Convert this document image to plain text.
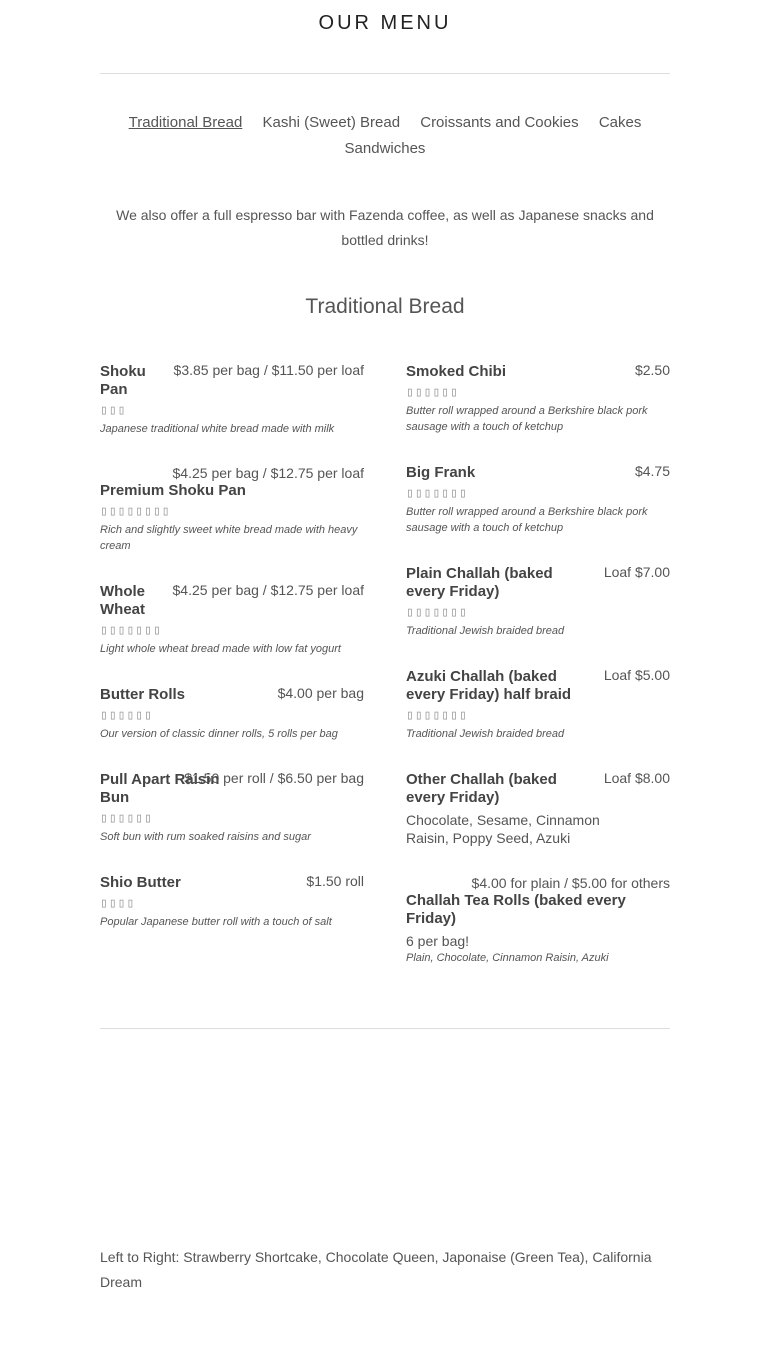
OUR MENU
Traditional Bread Kashi (Sweet) Bread Croissants and Cookies Cakes
Sandwiches

We also offer a full espresso bar with Fazenda coffee, as well as Japanese snacks and bottled drinks!

Traditional Bread
Shoku Pan
$3.85 per bag / $11.50 per loaf
▯▯▯
Japanese traditional white bread made with milk
$4.25 per bag / $12.75 per loaf
Premium Shoku Pan
▯▯▯▯▯▯▯▯
Rich and slightly sweet white bread made with heavy cream
Whole Wheat
$4.25 per bag / $12.75 per loaf
▯▯▯▯▯▯▯
Light whole wheat bread made with low fat yogurt
Butter Rolls	$4.00 per bag
▯▯▯▯▯▯
Our version of classic dinner rolls, 5 rolls per bag
Pull Apart Raisin Bun
$1.50 per roll / $6.50 per bag
▯▯▯▯▯▯
Soft bun with rum soaked raisins and sugar
Shio Butter	$1.50 roll
▯▯▯▯
Popular Japanese butter roll with a touch of salt
Smoked Chibi	$2.50
▯▯▯▯▯▯
Butter roll wrapped around a Berkshire black pork sausage with a touch of ketchup
Big Frank	$4.75
▯▯▯▯▯▯▯
Butter roll wrapped around a Berkshire black pork sausage with a touch of ketchup
Plain Challah (baked every Friday)
Loaf $7.00
▯▯▯▯▯▯▯
Traditional Jewish braided bread
Azuki Challah (baked every Friday) half braid
Loaf $5.00
▯▯▯▯▯▯▯
Traditional Jewish braided bread
Other Challah (baked every Friday)
Loaf $8.00
Chocolate, Sesame, Cinnamon Raisin, Poppy Seed, Azuki
$4.00 for plain / $5.00 for others
Challah Tea Rolls (baked every Friday)
6 per bag!
Plain, Chocolate, Cinnamon Raisin, Azuki

Left to Right: Strawberry Shortcake, Chocolate Queen, Japonaise (Green Tea), California Dream
